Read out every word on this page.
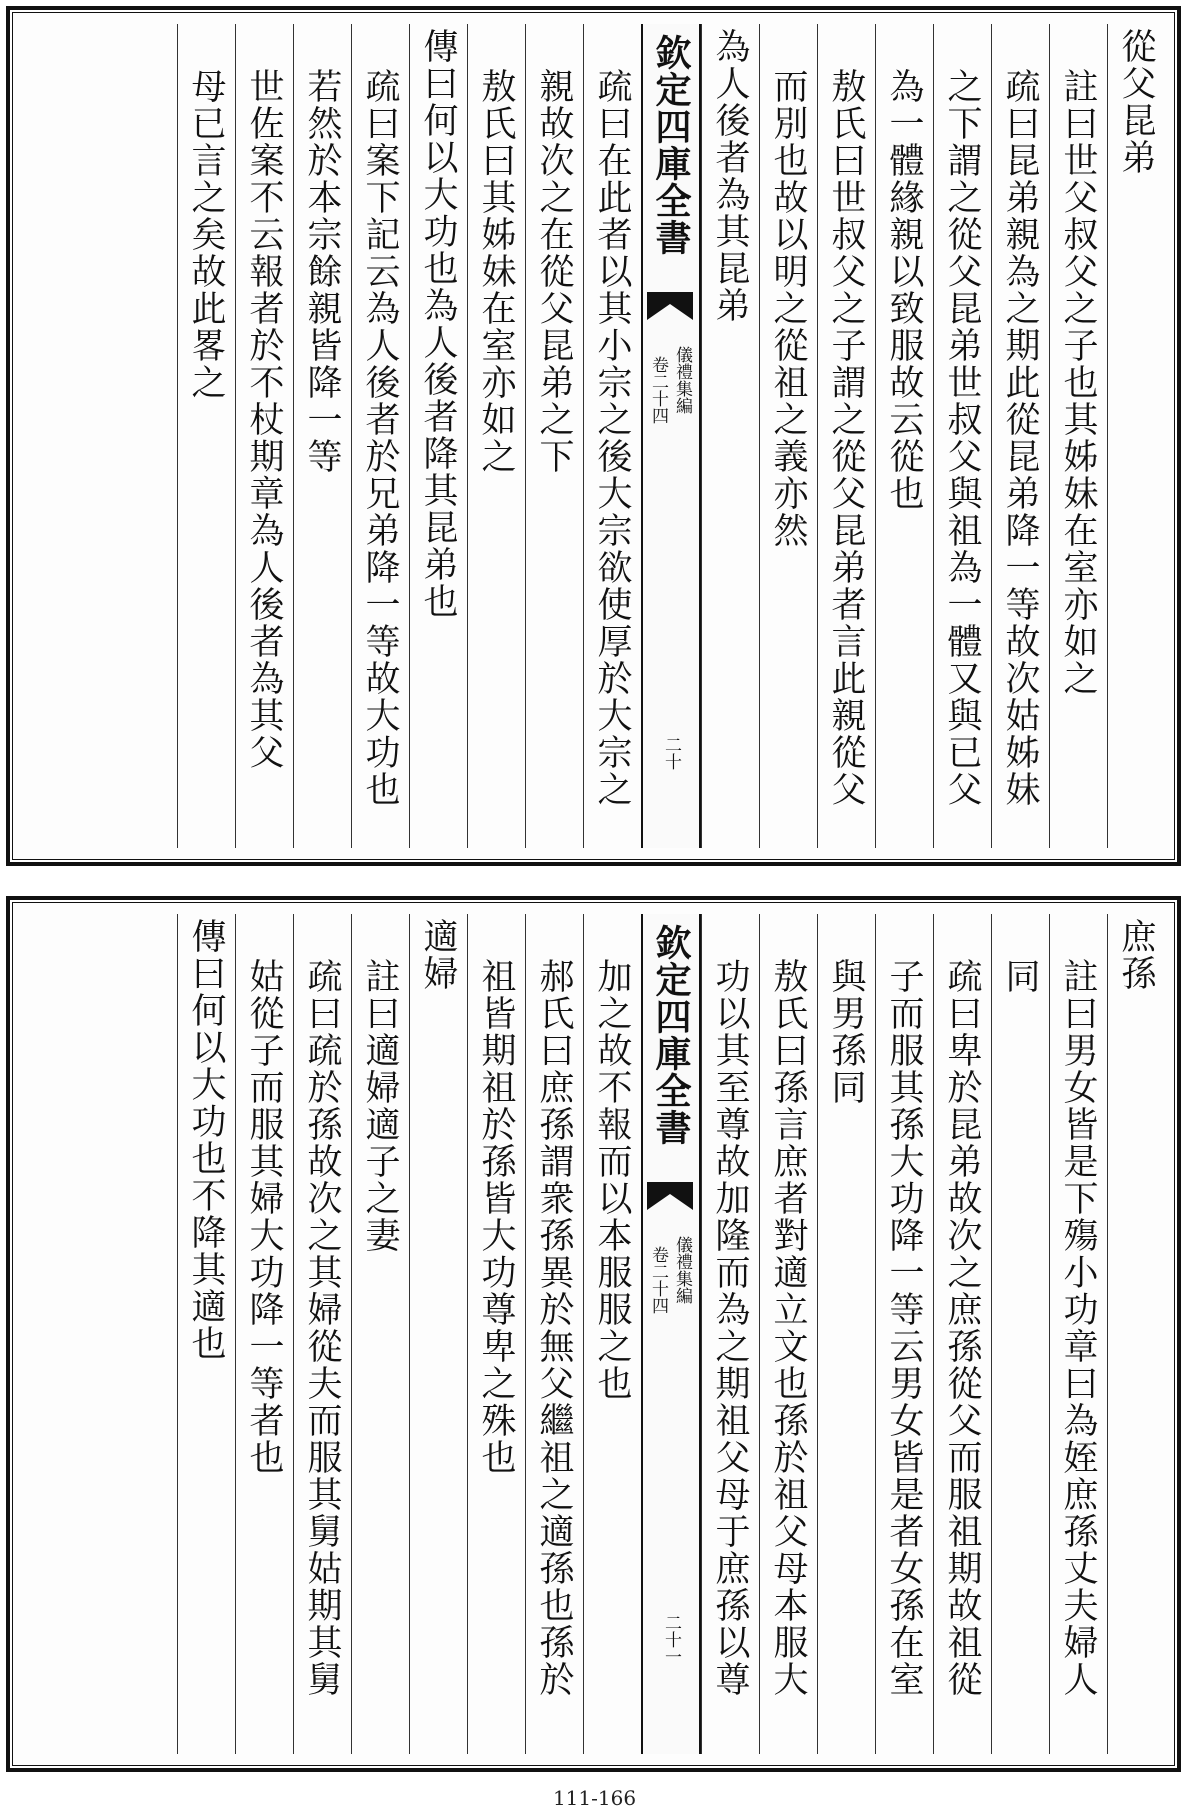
從父昆弟
註曰世父叔父之子也其姊妹在室亦如之
疏曰昆弟親為之期此從昆弟降一等故次姑姊妹
之下謂之從父昆弟世叔父與祖為一體又與已父
為一體緣親以致服故云從也
敖氏曰世叔父之子謂之從父昆弟者言此親從父
而別也故以明之從祖之義亦然
為人後者為其昆弟
疏曰在此者以其小宗之後大宗欲使厚於大宗之
親故次之在從父昆弟之下
敖氏曰其姊妹在室亦如之
傳曰何以大功也為人後者降其昆弟也
疏曰案下記云為人後者於兄弟降一等故大功也
若然於本宗餘親皆降一等
世佐案不云報者於不杖期章為人後者為其父
母已言之矣故此畧之	欽定四庫全書
儀禮集編
卷二十四
二十
庶孫
註曰男女皆是下殤小功章曰為姪庶孫丈夫婦人
同
疏曰卑於昆弟故次之庶孫從父而服祖期故祖從
子而服其孫大功降一等云男女皆是者女孫在室
與男孫同
敖氏曰孫言庶者對適立文也孫於祖父母本服大
功以其至尊故加隆而為之期祖父母于庶孫以尊
加之故不報而以本服服之也
郝氏曰庶孫謂衆孫異於無父繼祖之適孫也孫於
祖皆期祖於孫皆大功尊卑之殊也
適婦
註曰適婦適子之妻
疏曰疏於孫故次之其婦從夫而服其舅姑期其舅
姑從子而服其婦大功降一等者也
傳曰何以大功也不降其適也	欽定四庫全書
儀禮集編
卷二十四
二十一
111-166
